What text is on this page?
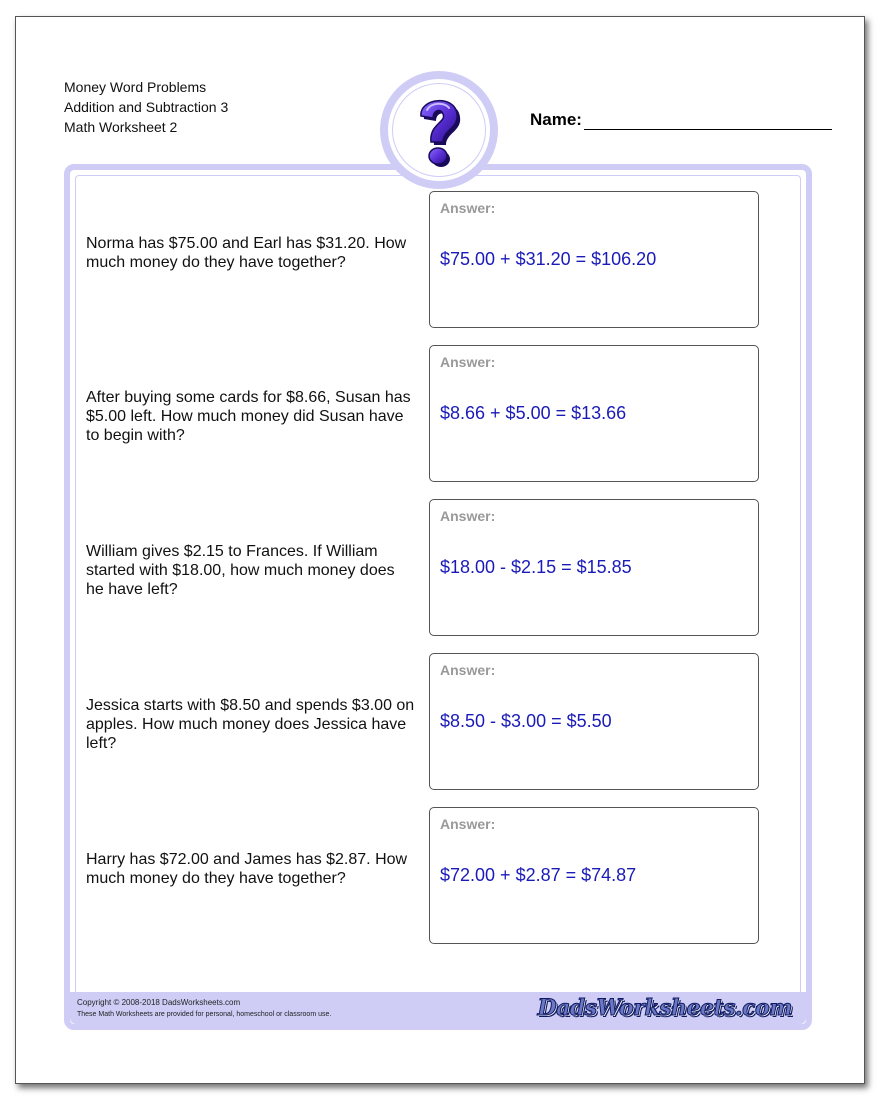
Money Word Problems
Addition and Subtraction 3
Math Worksheet 2	Name:
Norma has $75.00 and Earl has $31.20. How much money do they have together?
Answer:
$75.00 + $31.20 = $106.20
After buying some cards for $8.66, Susan has $5.00 left. How much money did Susan have to begin with?
Answer:
$8.66 + $5.00 = $13.66
William gives $2.15 to Frances. If William started with $18.00, how much money does he have left?
Answer:
$18.00 - $2.15 = $15.85
Jessica starts with $8.50 and spends $3.00 on apples. How much money does Jessica have left?
Answer:
$8.50 - $3.00 = $5.50
Harry has $72.00 and James has $2.87. How much money do they have together?
Answer:
$72.00 + $2.87 = $74.87
Copyright © 2008-2018 DadsWorksheets.com
These Math Worksheets are provided for personal, homeschool or classroom use.	DadsWorksheets.com
